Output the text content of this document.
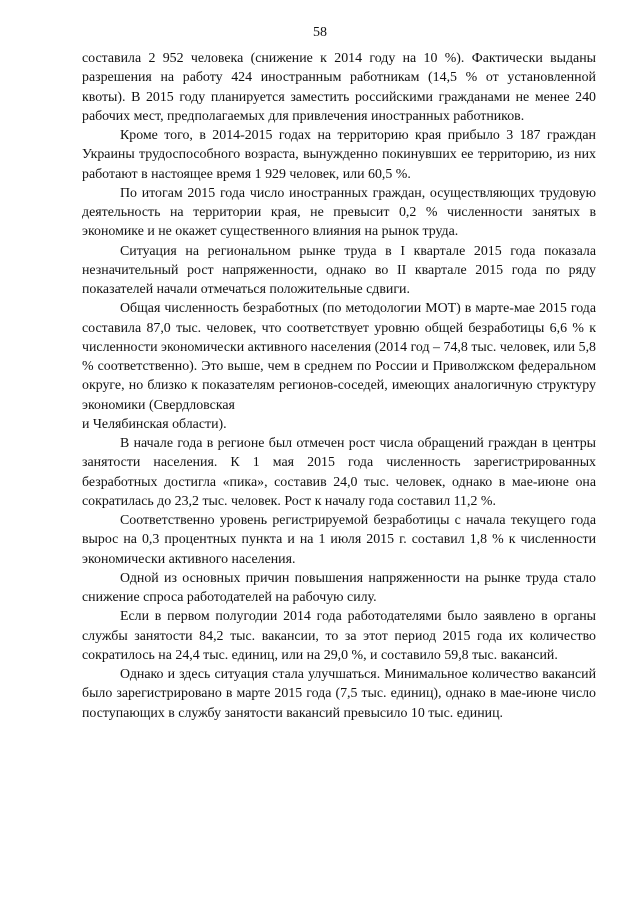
58

составила 2 952 человека (снижение к 2014 году на 10 %). Фактически выданы разрешения на работу 424 иностранным работникам (14,5 % от установленной квоты). В 2015 году планируется заместить российскими гражданами не менее 240 рабочих мест, предполагаемых для привлечения иностранных работников.

Кроме того, в 2014-2015 годах на территорию края прибыло 3 187 граждан Украины трудоспособного возраста, вынужденно покинувших ее территорию, из них работают в настоящее время 1 929 человек, или 60,5 %.

По итогам 2015 года число иностранных граждан, осуществляющих трудовую деятельность на территории края, не превысит 0,2 % численности занятых в экономике и не окажет существенного влияния на рынок труда.

Ситуация на региональном рынке труда в I квартале 2015 года показала незначительный рост напряженности, однако во II квартале 2015 года по ряду показателей начали отмечаться положительные сдвиги.

Общая численность безработных (по методологии МОТ) в марте-мае 2015 года составила 87,0 тыс. человек, что соответствует уровню общей безработицы 6,6 % к численности экономически активного населения (2014 год – 74,8 тыс. человек, или 5,8 % соответственно). Это выше, чем в среднем по России и Приволжском федеральном округе, но близко к показателям регионов-соседей, имеющих аналогичную структуру экономики (Свердловская

и Челябинская области).

В начале года в регионе был отмечен рост числа обращений граждан в центры занятости населения. К 1 мая 2015 года численность зарегистрированных безработных достигла «пика», составив 24,0 тыс. человек, однако в мае-июне она сократилась до 23,2 тыс. человек. Рост к началу года составил 11,2 %.

Соответственно уровень регистрируемой безработицы с начала текущего года вырос на 0,3 процентных пункта и на 1 июля 2015 г. составил 1,8 % к численности экономически активного населения.

Одной из основных причин повышения напряженности на рынке труда стало снижение спроса работодателей на рабочую силу.

Если в первом полугодии 2014 года работодателями было заявлено в органы службы занятости 84,2 тыс. вакансии, то за этот период 2015 года их количество сократилось на 24,4 тыс. единиц, или на 29,0 %, и составило 59,8 тыс. вакансий.

Однако и здесь ситуация стала улучшаться. Минимальное количество вакансий было зарегистрировано в марте 2015 года (7,5 тыс. единиц), однако в мае-июне число поступающих в службу занятости вакансий превысило 10 тыс. единиц.
